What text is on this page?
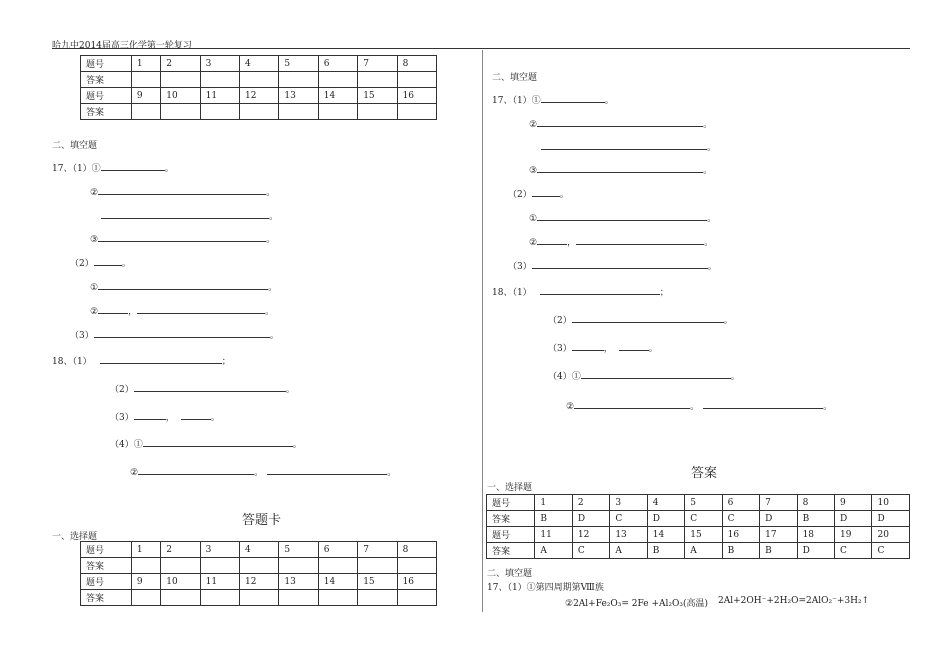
哈九中2014届高三化学第一轮复习
题号	1	2	3	4	5	6	7	8
答案								
题号	9	10	11	12	13	14	15	16
答案								
二、填空题
17、（1）①	。
②	。
。
③	。
（2）	。
①	。
②	，	。
（3）	。
18、（1）	；
（2）	。
（3）	，	。
（4）①	。
②	。	。
答题卡
一、选择题
题号	1	2	3	4	5	6	7	8
答案								
题号	9	10	11	12	13	14	15	16
答案								
二、填空题
17、（1）①	。
②	。
。
③	。
（2）	。
①	。
②	，	。
（3）	。
18、（1）	；
（2）	。
（3）	，	。
（4）①	。
②	。	。
答案
一、选择题
题号	1	2	3	4	5	6	7	8	9	10
答案	B	D	C	D	C	C	D	B	D	D
题号	11	12	13	14	15	16	17	18	19	20
答案	A	C	A	B	A	B	B	D	C	C
二、填空题
17、（1）①第四周期第Ⅷ族
②2Al+Fe₂O₃= 2Fe +Al₂O₃(高温) 2Al+2OH⁻+2H₂O=2AlO₂⁻+3H₂↑
